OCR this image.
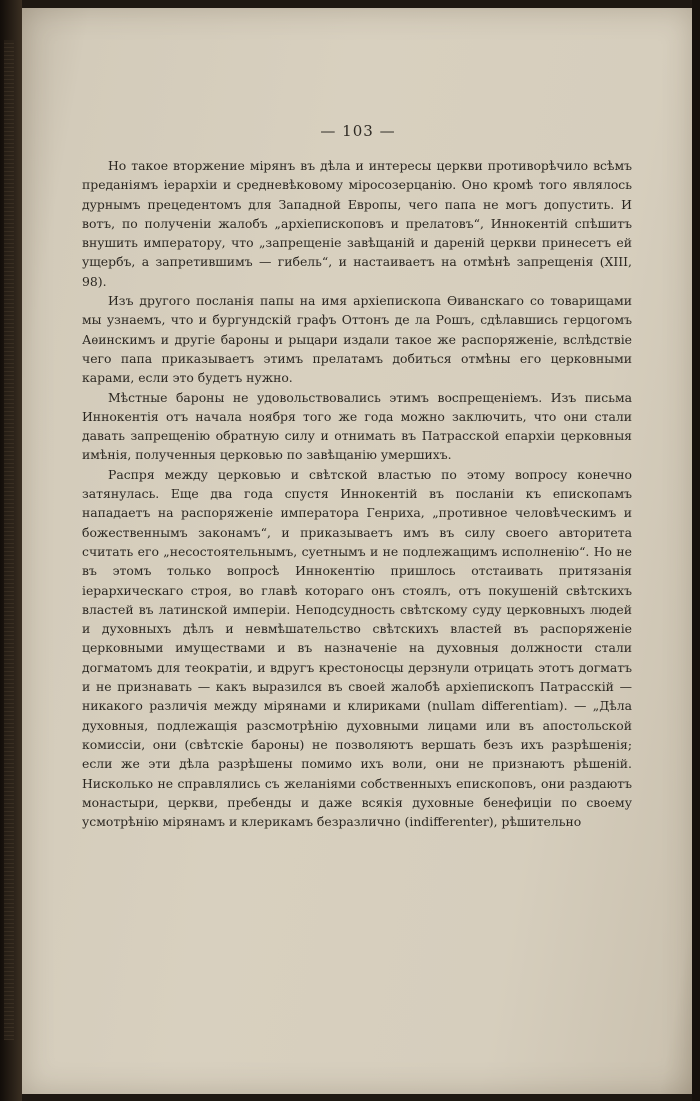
— 103 —

Но такое вторжение мірянъ въ дѣла и интересы церкви противорѣчило всѣмъ преданіямъ іерархіи и средневѣковому міросозерцанію. Оно кромѣ того являлось дурнымъ прецедентомъ для Западной Европы, чего папа не могъ допустить. И вотъ, по полученіи жалобъ „архіепископовъ и прелатовъ“, Иннокентій спѣшитъ внушить императору, что „запрещеніе завѣщаній и дареній церкви принесетъ ей ущербъ, а запретившимъ — гибель“, и настаиваетъ на отмѣнѣ запрещенія (XIII, 98).

Изъ другого посланія папы на имя архіепископа Ѳиванскаго со товарищами мы узнаемъ, что и бургундскій графъ Оттонъ де ла Рошъ, сдѣлавшись герцогомъ Аѳинскимъ и другіе бароны и рыцари издали такое же распоряженіе, вслѣдствіе чего папа приказываетъ этимъ прелатамъ добиться отмѣны его церковными карами, если это будетъ нужно.

Мѣстные бароны не удовольствовались этимъ воспрещеніемъ. Изъ письма Иннокентія отъ начала ноября того же года можно заключить, что они стали давать запрещенію обратную силу и отнимать въ Патрасской епархіи церковныя имѣнія, полученныя церковью по завѣщанію умершихъ.

Распря между церковью и свѣтской властью по этому вопросу конечно затянулась. Еще два года спустя Иннокентій въ посланіи къ епископамъ нападаетъ на распоряженіе императора Генриха, „противное человѣческимъ и божественнымъ законамъ“, и приказываетъ имъ въ силу своего авторитета считать его „несостоятельнымъ, суетнымъ и не подлежащимъ исполненію“. Но не въ этомъ только вопросѣ Иннокентію пришлось отстаивать притязанія іерархическаго строя, во главѣ котораго онъ стоялъ, отъ покушеній свѣтскихъ властей въ латинской имперіи. Неподсудность свѣтскому суду церковныхъ людей и духовныхъ дѣлъ и невмѣшательство свѣтскихъ властей въ распоряженіе церковными имуществами и въ назначеніе на духовныя должности стали догматомъ для теократіи, и вдругъ крестоносцы дерзнули отрицать этотъ догматъ и не признавать — какъ выразился въ своей жалобѣ архіепископъ Патрасскій — никакого различія между мірянами и клириками (nullam differentiam). — „Дѣла духовныя, подлежащія разсмотрѣнію духовными лицами или въ апостольской комиссіи, они (свѣтскіе бароны) не позволяютъ вершать безъ ихъ разрѣшенія; если же эти дѣла разрѣшены помимо ихъ воли, они не признаютъ рѣшеній. Нисколько не справлялись съ желаніями собственныхъ епископовъ, они раздаютъ монастыри, церкви, пребенды и даже всякія духовные бенефиціи по своему усмотрѣнію мірянамъ и клерикамъ безразлично (indifferenter), рѣшительно
